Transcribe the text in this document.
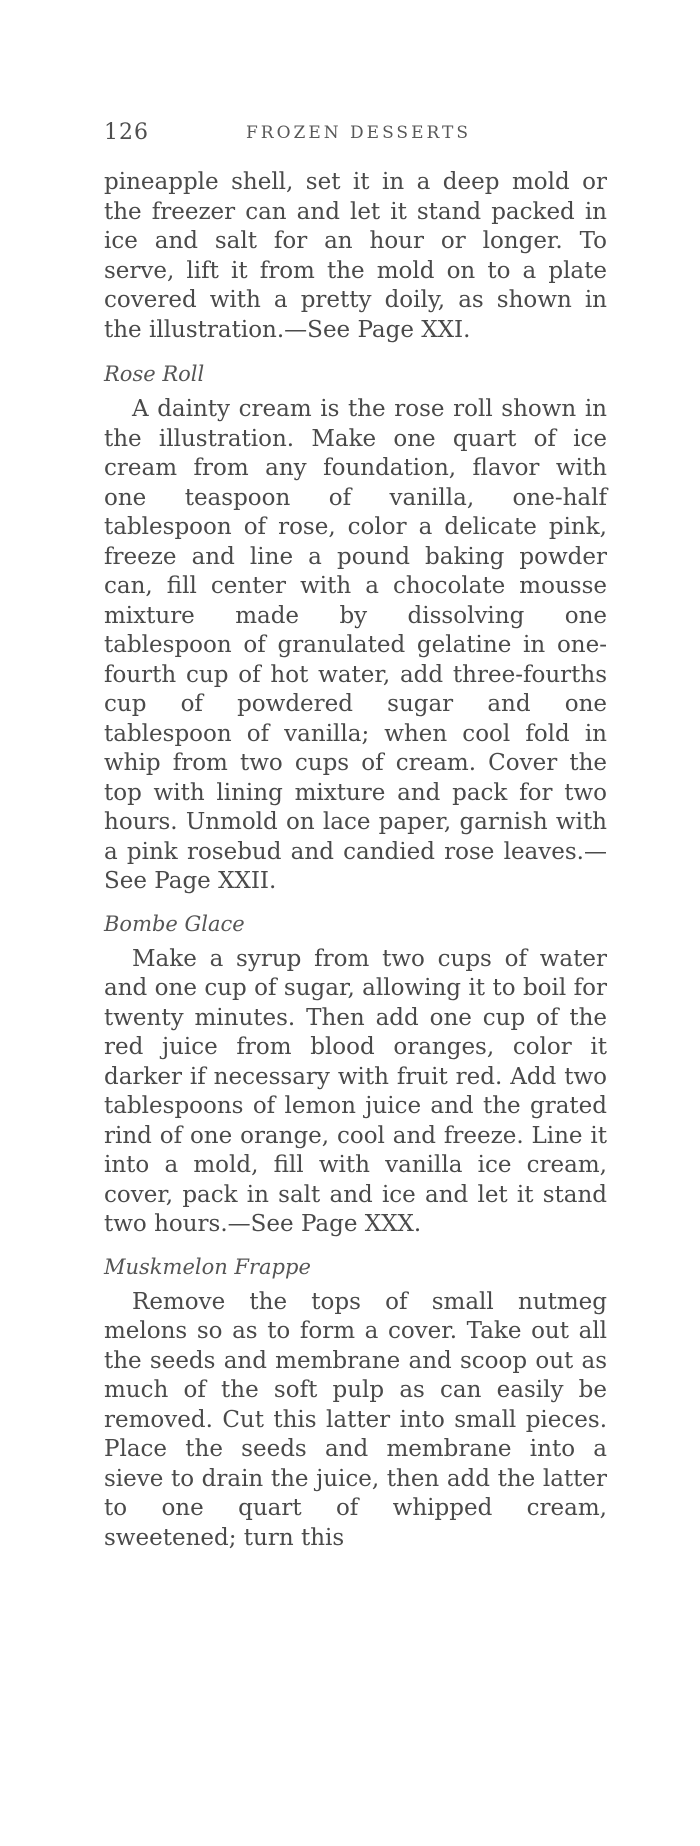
126	FROZEN DESSERTS

pineapple shell, set it in a deep mold or the freezer can and let it stand packed in ice and salt for an hour or longer. To serve, lift it from the mold on to a plate covered with a pretty doily, as shown in the illustration.—See Page XXI.

Rose Roll

A dainty cream is the rose roll shown in the illustration. Make one quart of ice cream from any foundation, flavor with one teaspoon of vanilla, one-half tablespoon of rose, color a delicate pink, freeze and line a pound baking powder can, fill center with a chocolate mousse mixture made by dissolving one tablespoon of granulated gelatine in one-fourth cup of hot water, add three-fourths cup of powdered sugar and one tablespoon of vanilla; when cool fold in whip from two cups of cream. Cover the top with lining mixture and pack for two hours. Unmold on lace paper, garnish with a pink rosebud and candied rose leaves.—See Page XXII.

Bombe Glace

Make a syrup from two cups of water and one cup of sugar, allowing it to boil for twenty minutes. Then add one cup of the red juice from blood oranges, color it darker if necessary with fruit red. Add two tablespoons of lemon juice and the grated rind of one orange, cool and freeze. Line it into a mold, fill with vanilla ice cream, cover, pack in salt and ice and let it stand two hours.—See Page XXX.

Muskmelon Frappe

Remove the tops of small nutmeg melons so as to form a cover. Take out all the seeds and membrane and scoop out as much of the soft pulp as can easily be removed. Cut this latter into small pieces. Place the seeds and membrane into a sieve to drain the juice, then add the latter to one quart of whipped cream, sweetened; turn this
